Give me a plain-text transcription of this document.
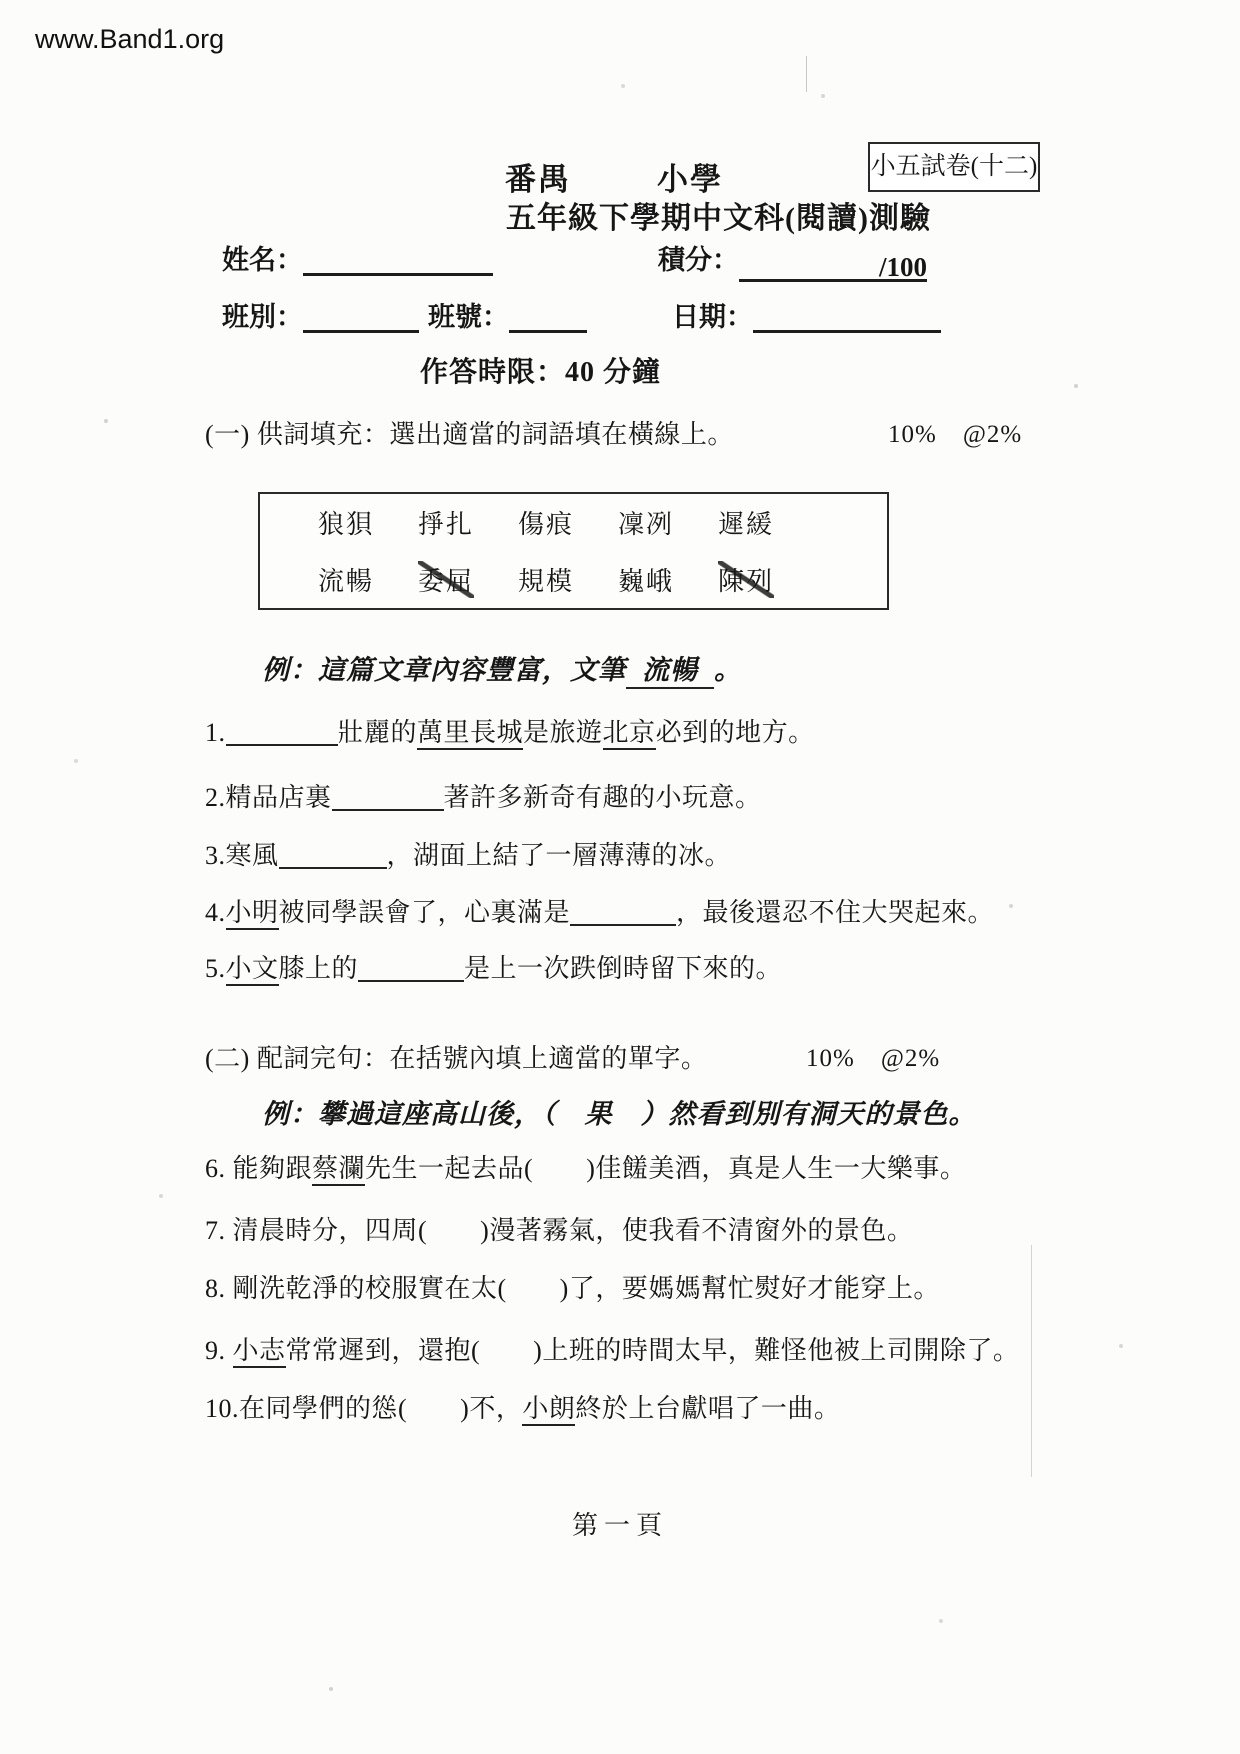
www.Band1.org
番禺	小學
五年級下學期中文科(閱讀)測驗
小五試卷(十二)
姓名：	積分：	/100
班別：	班號：	日期：
作答時限：40 分鐘
(一) 供詞填充：選出適當的詞語填在橫線上。	10%　@2%
狼狽 掙扎 傷痕 凜冽 遲緩
流暢 委屈 規模 巍峨 陳列
例：這篇文章內容豐富，文筆 流暢 。
1.	壯麗的萬里長城是旅遊北京必到的地方。
2.精品店裏	著許多新奇有趣的小玩意。
3.寒風	，湖面上結了一層薄薄的冰。
4.小明被同學誤會了，心裏滿是	，最後還忍不住大哭起來。
5.小文膝上的	是上一次跌倒時留下來的。
(二) 配詞完句：在括號內填上適當的單字。	10%　@2%
例：攀過這座高山後，（　果　）然看到別有洞天的景色。
6. 能夠跟蔡瀾先生一起去品(　　)佳饈美酒，真是人生一大樂事。
7. 清晨時分，四周(　　)漫著霧氣，使我看不清窗外的景色。
8. 剛洗乾淨的校服實在太(　　)了，要媽媽幫忙熨好才能穿上。
9. 小志常常遲到，還抱(　　)上班的時間太早，難怪他被上司開除了。
10.在同學們的慫(　　)不，小朗終於上台獻唱了一曲。
第一頁
